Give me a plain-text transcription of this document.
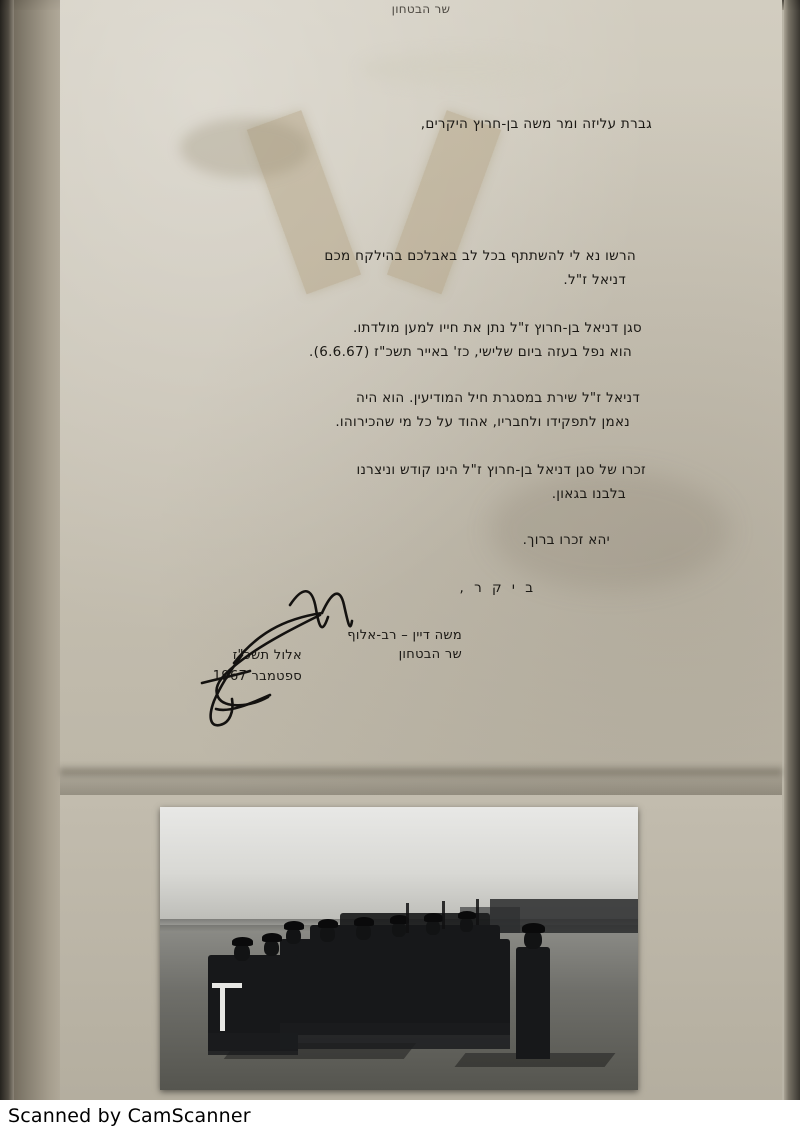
שר הבטחון
גברת עליזה ומר משה בן-חרוץ היקרים,
הרשו נא לי להשתתף בכל לב באבלכם בהילקח מכם
דניאל ז"ל.
סגן דניאל בן-חרוץ ז"ל נתן את חייו למען מולדתו.
הוא נפל בעזה ביום שלישי, כז' באייר תשכ"ז (6.6.67).
דניאל ז"ל שירת במסגרת חיל המודיעין. הוא היה
נאמן לתפקידו ולחבריו, אהוד על כל מי שהכירוהו.
זכרו של סגן דניאל בן-חרוץ ז"ל הינו קודש וניצרנו
בלבנו בגאון.
יהא זכרו ברוך.
ב י ק ר ,
משה דיין – רב-אלוף
שר הבטחון
אלול תשכ"ז
ספטמבר 1967
Scanned by CamScanner
